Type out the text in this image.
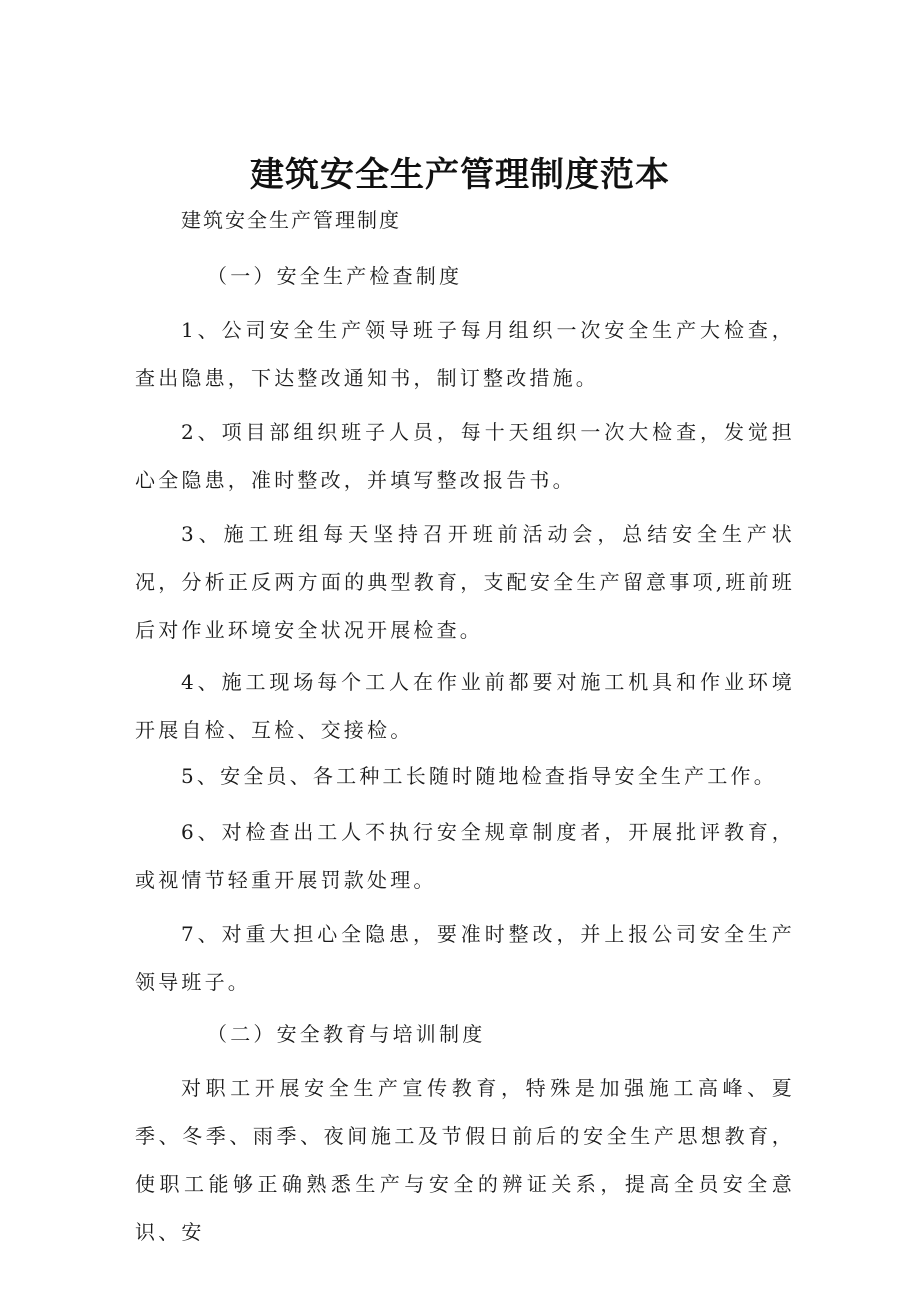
建筑安全生产管理制度范本

建筑安全生产管理制度

（一）安全生产检查制度

1、公司安全生产领导班子每月组织一次安全生产大检查，查出隐患，下达整改通知书，制订整改措施。

2、项目部组织班子人员，每十天组织一次大检查，发觉担心全隐患，准时整改，并填写整改报告书。

3、施工班组每天坚持召开班前活动会，总结安全生产状况，分析正反两方面的典型教育，支配安全生产留意事项,班前班后对作业环境安全状况开展检查。

4、施工现场每个工人在作业前都要对施工机具和作业环境开展自检、互检、交接检。

5、安全员、各工种工长随时随地检查指导安全生产工作。

6、对检查出工人不执行安全规章制度者，开展批评教育，或视情节轻重开展罚款处理。

7、对重大担心全隐患，要准时整改，并上报公司安全生产领导班子。

（二）安全教育与培训制度

对职工开展安全生产宣传教育，特殊是加强施工高峰、夏季、冬季、雨季、夜间施工及节假日前后的安全生产思想教育，使职工能够正确熟悉生产与安全的辨证关系，提高全员安全意识、安
